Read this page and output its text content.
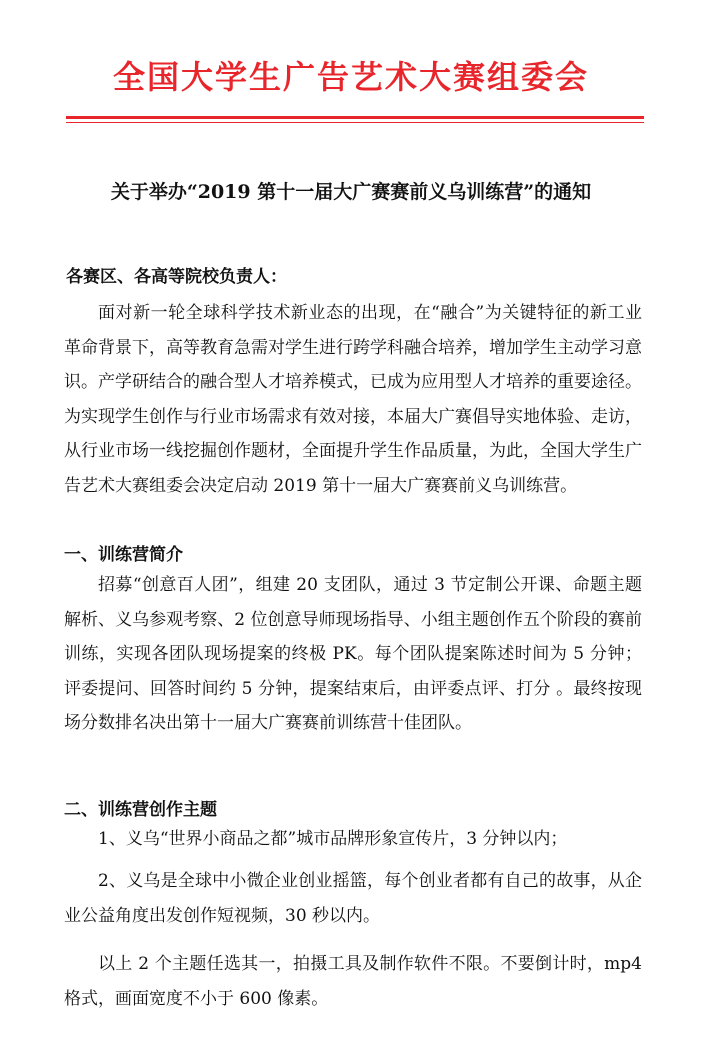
全国大学生广告艺术大赛组委会
关于举办“2019 第十一届大广赛赛前义乌训练营”的通知
各赛区、各高等院校负责人：

面对新一轮全球科学技术新业态的出现，在“融合”为关键特征的新工业革命背景下，高等教育急需对学生进行跨学科融合培养，增加学生主动学习意识。产学研结合的融合型人才培养模式，已成为应用型人才培养的重要途径。为实现学生创作与行业市场需求有效对接，本届大广赛倡导实地体验、走访，从行业市场一线挖掘创作题材，全面提升学生作品质量，为此，全国大学生广告艺术大赛组委会决定启动 2019 第十一届大广赛赛前义乌训练营。

一、训练营简介

招募“创意百人团”，组建 20 支团队，通过 3 节定制公开课、命题主题解析、义乌参观考察、2 位创意导师现场指导、小组主题创作五个阶段的赛前训练，实现各团队现场提案的终极 PK。每个团队提案陈述时间为 5 分钟；评委提问、回答时间约 5 分钟，提案结束后，由评委点评、打分 。最终按现场分数排名决出第十一届大广赛赛前训练营十佳团队。

二、训练营创作主题

1、义乌“世界小商品之都”城市品牌形象宣传片，3 分钟以内；

2、义乌是全球中小微企业创业摇篮，每个创业者都有自己的故事，从企业公益角度出发创作短视频，30 秒以内。

以上 2 个主题任选其一，拍摄工具及制作软件不限。不要倒计时，mp4 格式，画面宽度不小于 600 像素。
